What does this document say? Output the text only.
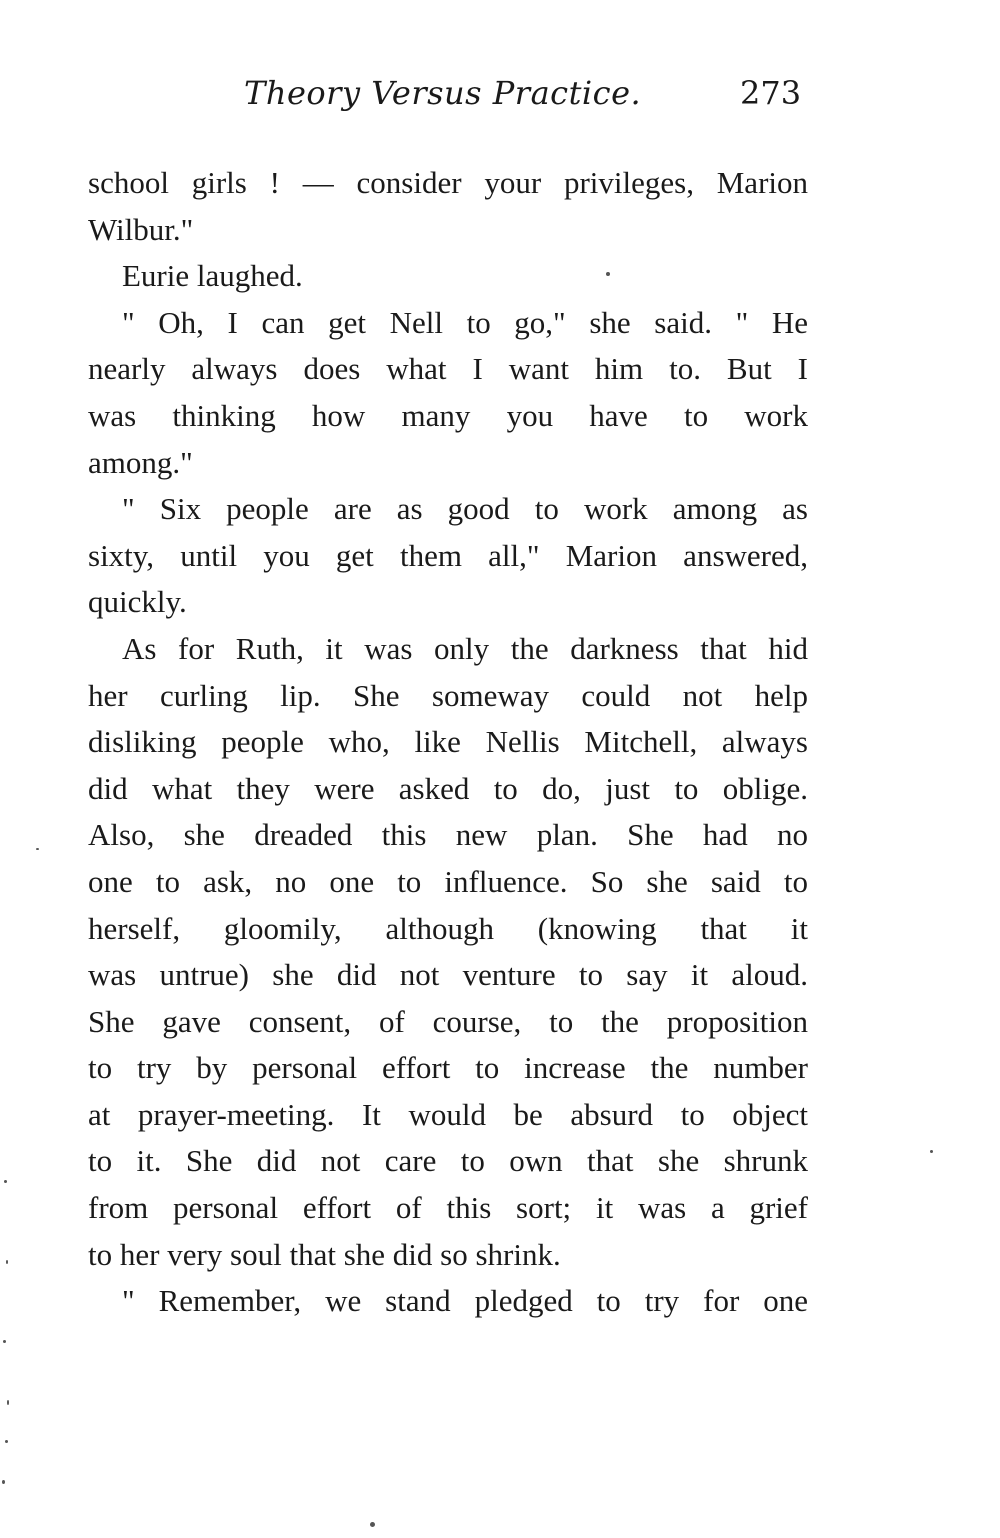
Theory Versus Practice.	273
school girls ! — consider your privileges, Marion
Wilbur."
Eurie laughed.
" Oh, I can get Nell to go," she said. " He
nearly always does what I want him to. But I
was thinking how many you have to work
among."
" Six people are as good to work among as
sixty, until you get them all," Marion answered,
quickly.
As for Ruth, it was only the darkness that hid
her curling lip. She someway could not help
disliking people who, like Nellis Mitchell, always
did what they were asked to do, just to oblige.
Also, she dreaded this new plan. She had no
one to ask, no one to influence. So she said to
herself, gloomily, although (knowing that it
was untrue) she did not venture to say it aloud.
She gave consent, of course, to the proposition
to try by personal effort to increase the number
at prayer-meeting. It would be absurd to object
to it. She did not care to own that she shrunk
from personal effort of this sort; it was a grief
to her very soul that she did so shrink.
" Remember, we stand pledged to try for one
